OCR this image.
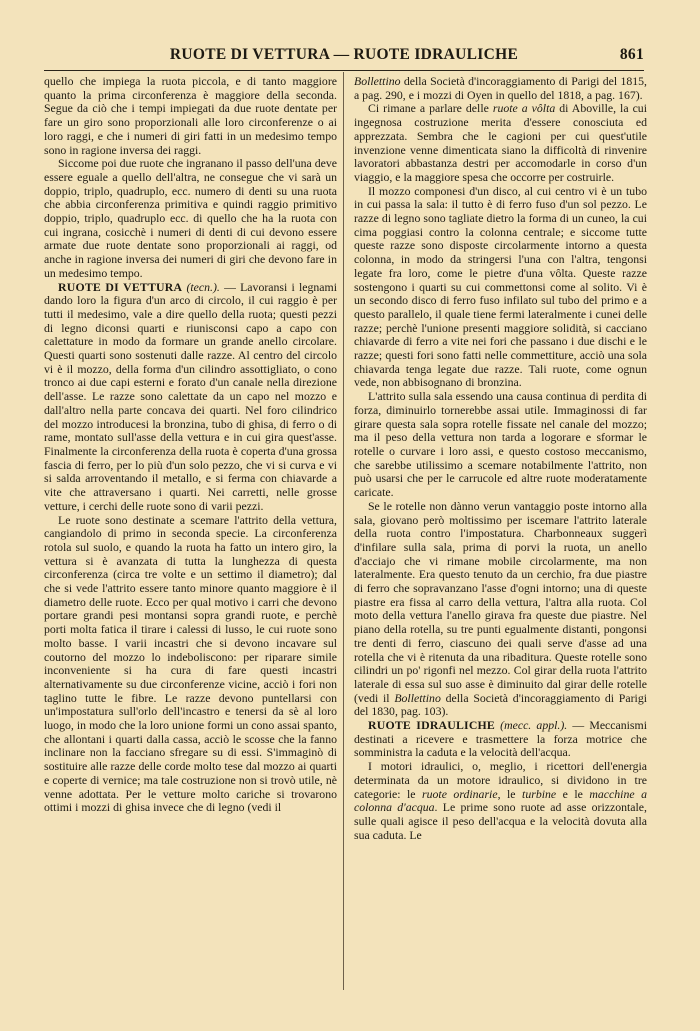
RUOTE DI VETTURA — RUOTE IDRAULICHE	861

quello che impiega la ruota piccola, e di tanto maggiore quanto la prima circonferenza è maggiore della seconda. Segue da ciò che i tempi impiegati da due ruote dentate per fare un giro sono proporzionali alle loro circonferenze o ai loro raggi, e che i numeri di giri fatti in un medesimo tempo sono in ragione inversa dei raggi.

Siccome poi due ruote che ingranano il passo dell'una deve essere eguale a quello dell'altra, ne consegue che vi sarà un doppio, triplo, quadruplo, ecc. numero di denti su una ruota che abbia circonferenza primitiva e quindi raggio primitivo doppio, triplo, quadruplo ecc. di quello che ha la ruota con cui ingrana, cosicchè i numeri di denti di cui devono essere armate due ruote dentate sono proporzionali ai raggi, od anche in ragione inversa dei numeri di giri che devono fare in un medesimo tempo.

RUOTE DI VETTURA (tecn.). — Lavoransi i legnami dando loro la figura d'un arco di circolo, il cui raggio è per tutti il medesimo, vale a dire quello della ruota; questi pezzi di legno diconsi quarti e riunisconsi capo a capo con calettature in modo da formare un grande anello circolare. Questi quarti sono sostenuti dalle razze. Al centro del circolo vi è il mozzo, della forma d'un cilindro assottigliato, o cono tronco ai due capi esterni e forato d'un canale nella direzione dell'asse. Le razze sono calettate da un capo nel mozzo e dall'altro nella parte concava dei quarti. Nel foro cilindrico del mozzo introducesi la bronzina, tubo di ghisa, di ferro o di rame, montato sull'asse della vettura e in cui gira quest'asse. Finalmente la circonferenza della ruota è coperta d'una grossa fascia di ferro, per lo più d'un solo pezzo, che vi si curva e vi si salda arroventando il metallo, e si ferma con chiavarde a vite che attraversano i quarti. Nei carretti, nelle grosse vetture, i cerchi delle ruote sono di varii pezzi.

Le ruote sono destinate a scemare l'attrito della vettura, cangiandolo di primo in seconda specie. La circonferenza rotola sul suolo, e quando la ruota ha fatto un intero giro, la vettura si è avanzata di tutta la lunghezza di questa circonferenza (circa tre volte e un settimo il diametro); dal che si vede l'attrito essere tanto minore quanto maggiore è il diametro delle ruote. Ecco per qual motivo i carri che devono portare grandi pesi montansi sopra grandi ruote, e perchè porti molta fatica il tirare i calessi di lusso, le cui ruote sono molto basse. I varii incastri che si devono incavare sul coutorno del mozzo lo indeboliscono: per riparare simile inconveniente si ha cura di fare questi incastri alternativamente su due circonferenze vicine, acciò i fori non taglino tutte le fibre. Le razze devono puntellarsi con un'impostatura sull'orlo dell'incastro e tenersi da sè al loro luogo, in modo che la loro unione formi un cono assai spanto, che allontani i quarti dalla cassa, acciò le scosse che la fanno inclinare non la facciano sfregare su di essi. S'immaginò di sostituire alle razze delle corde molto tese dal mozzo ai quarti e coperte di vernice; ma tale costruzione non si trovò utile, nè venne adottata. Per le vetture molto cariche si trovarono ottimi i mozzi di ghisa invece che di legno (vedi il

Bollettino della Società d'incoraggiamento di Parigi del 1815, a pag. 290, e i mozzi di Oyen in quello del 1818, a pag. 167).

Ci rimane a parlare delle ruote a vôlta di Aboville, la cui ingegnosa costruzione merita d'essere conosciuta ed apprezzata. Sembra che le cagioni per cui quest'utile invenzione venne dimenticata siano la difficoltà di rinvenire lavoratori abbastanza destri per accomodarle in corso d'un viaggio, e la maggiore spesa che occorre per costruirle.

Il mozzo componesi d'un disco, al cui centro vi è un tubo in cui passa la sala: il tutto è di ferro fuso d'un sol pezzo. Le razze di legno sono tagliate dietro la forma di un cuneo, la cui cima poggiasi contro la colonna centrale; e siccome tutte queste razze sono disposte circolarmente intorno a questa colonna, in modo da stringersi l'una con l'altra, tengonsi legate fra loro, come le pietre d'una vôlta. Queste razze sostengono i quarti su cui commettonsi come al solito. Vi è un secondo disco di ferro fuso infilato sul tubo del primo e a questo parallelo, il quale tiene fermi lateralmente i cunei delle razze; perchè l'unione presenti maggiore solidità, si cacciano chiavarde di ferro a vite nei fori che passano i due dischi e le razze; questi fori sono fatti nelle commettiture, acciò una sola chiavarda tenga legate due razze. Tali ruote, come ognun vede, non abbisognano di bronzina.

L'attrito sulla sala essendo una causa continua di perdita di forza, diminuirlo tornerebbe assai utile. Immaginossi di far girare questa sala sopra rotelle fissate nel canale del mozzo; ma il peso della vettura non tarda a logorare e sformar le rotelle o curvare i loro assi, e questo costoso meccanismo, che sarebbe utilissimo a scemare notabilmente l'attrito, non può usarsi che per le carrucole ed altre ruote moderatamente caricate.

Se le rotelle non dànno verun vantaggio poste intorno alla sala, giovano però moltissimo per iscemare l'attrito laterale della ruota contro l'impostatura. Charbonneaux suggerì d'infilare sulla sala, prima di porvi la ruota, un anello d'acciajo che vi rimane mobile circolarmente, ma non lateralmente. Era questo tenuto da un cerchio, fra due piastre di ferro che sopravanzano l'asse d'ogni intorno; una di queste piastre era fissa al carro della vettura, l'altra alla ruota. Col moto della vettura l'anello girava fra queste due piastre. Nel piano della rotella, su tre punti egualmente distanti, pongonsi tre denti di ferro, ciascuno dei quali serve d'asse ad una rotella che vi è ritenuta da una ribaditura. Queste rotelle sono cilindri un po' rigonfi nel mezzo. Col girar della ruota l'attrito laterale di essa sul suo asse è diminuito dal girar delle rotelle (vedi il Bollettino della Società d'incoraggiamento di Parigi del 1830, pag. 103).

RUOTE IDRAULICHE (mecc. appl.). — Meccanismi destinati a ricevere e trasmettere la forza motrice che somministra la caduta e la velocità dell'acqua.

I motori idraulici, o, meglio, i ricettori dell'energia determinata da un motore idraulico, si dividono in tre categorie: le ruote ordinarie, le turbine e le macchine a colonna d'acqua. Le prime sono ruote ad asse orizzontale, sulle quali agisce il peso dell'acqua e la velocità dovuta alla sua caduta. Le
